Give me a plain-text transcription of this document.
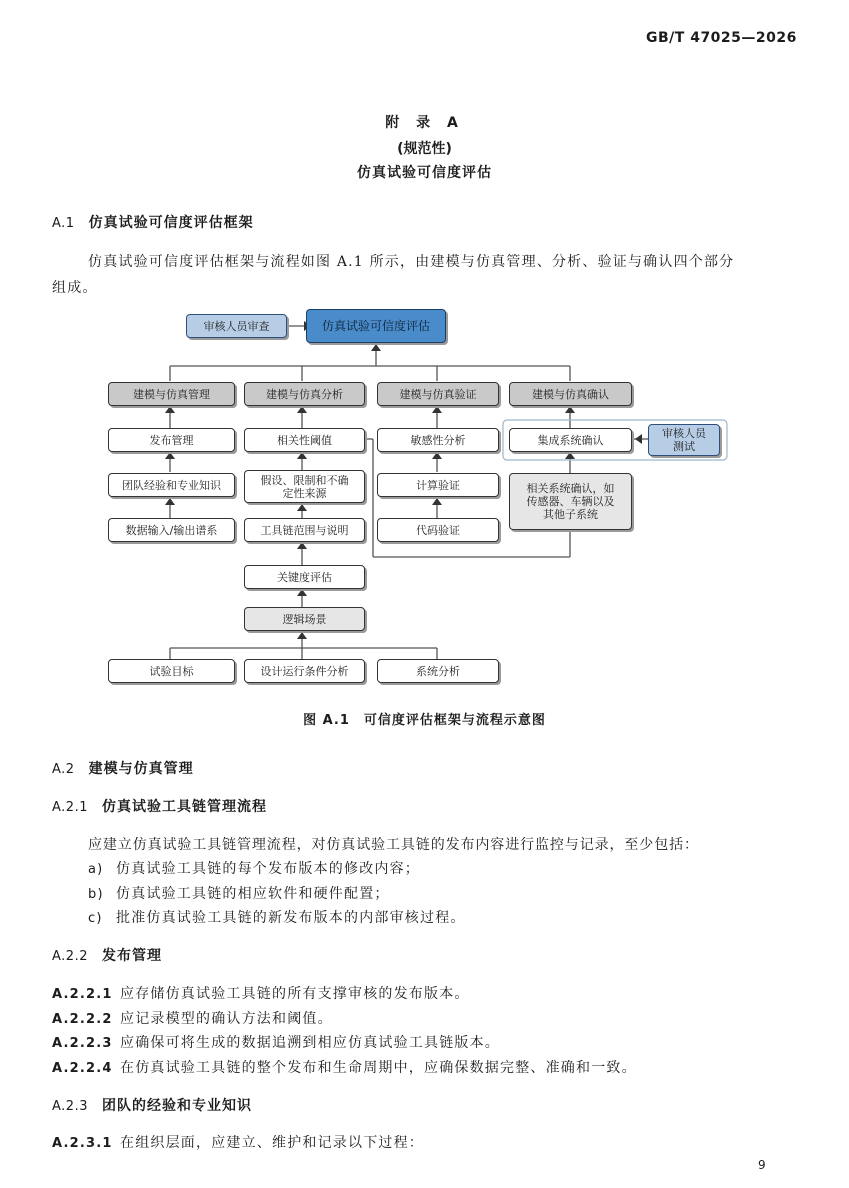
GB/T 47025—2026
附 录 A
(规范性)
仿真试验可信度评估
A.1 仿真试验可信度评估框架
仿真试验可信度评估框架与流程如图 A.1 所示，由建模与仿真管理、分析、验证与确认四个部分
组成。
审核人员审查	仿真试验可信度评估
建模与仿真管理	建模与仿真分析	建模与仿真验证	建模与仿真确认
发布管理	相关性阈值	敏感性分析	集成系统确认	审核人员
测试
团队经验和专业知识	假设、限制和不确
定性来源
计算验证	相关系统确认，如
传感器、车辆以及
其他子系统
数据输入/输出谱系	工具链范围与说明	代码验证
关键度评估
逻辑场景
试验目标	设计运行条件分析	系统分析
图 A.1　可信度评估框架与流程示意图
A.2 建模与仿真管理
A.2.1 仿真试验工具链管理流程
应建立仿真试验工具链管理流程，对仿真试验工具链的发布内容进行监控与记录，至少包括：
a) 仿真试验工具链的每个发布版本的修改内容；
b) 仿真试验工具链的相应软件和硬件配置；
c) 批准仿真试验工具链的新发布版本的内部审核过程。
A.2.2 发布管理
A.2.2.1 应存储仿真试验工具链的所有支撑审核的发布版本。
A.2.2.2 应记录模型的确认方法和阈值。
A.2.2.3 应确保可将生成的数据追溯到相应仿真试验工具链版本。
A.2.2.4 在仿真试验工具链的整个发布和生命周期中，应确保数据完整、准确和一致。
A.2.3 团队的经验和专业知识
A.2.3.1 在组织层面，应建立、维护和记录以下过程：
9
